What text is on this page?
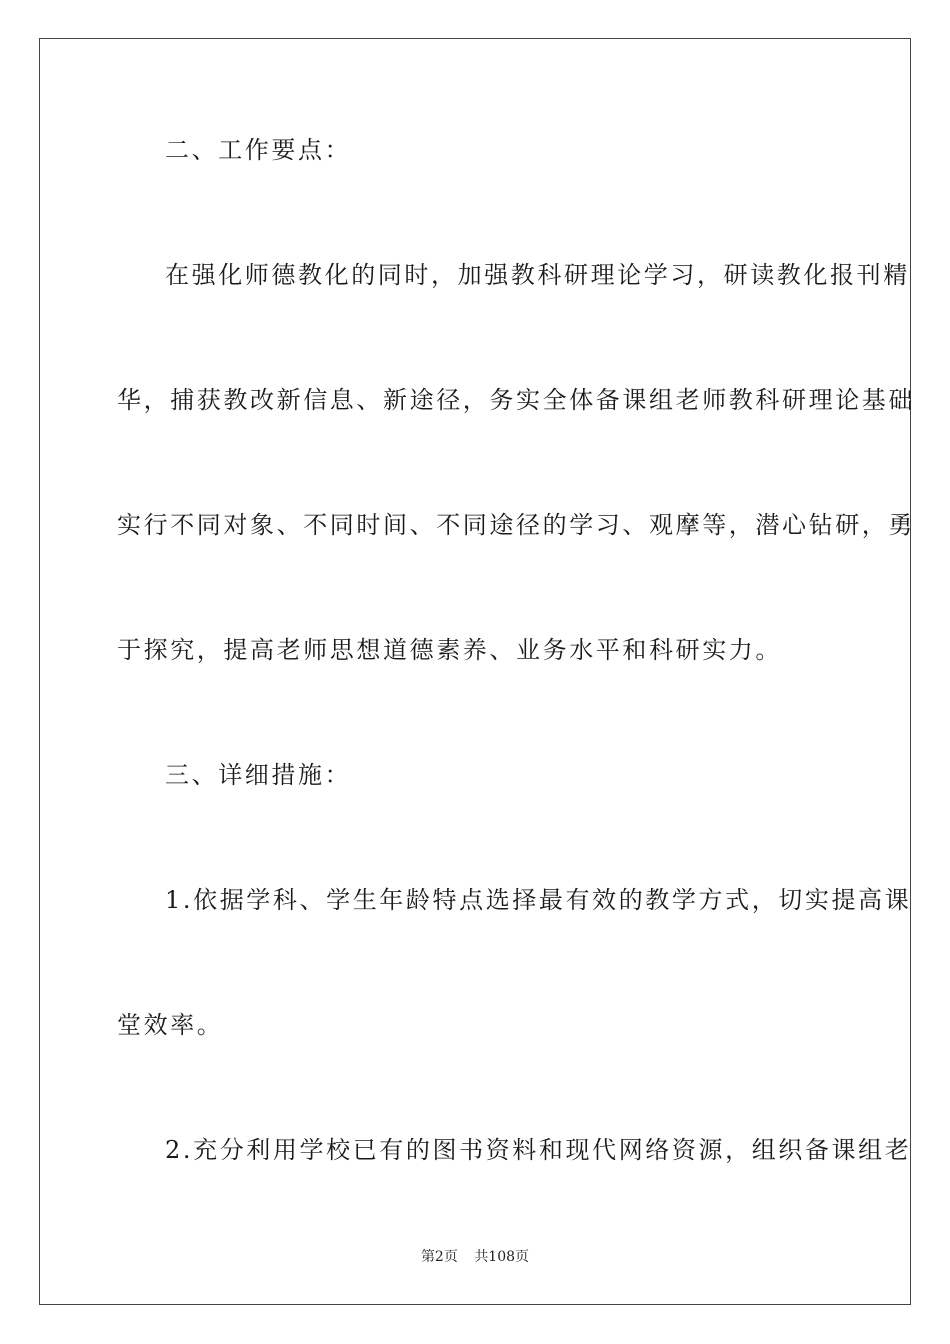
二、工作要点：
在强化师德教化的同时，加强教科研理论学习，研读教化报刊精
华，捕获教改新信息、新途径，务实全体备课组老师教科研理论基础
实行不同对象、不同时间、不同途径的学习、观摩等，潜心钻研，勇
于探究，提高老师思想道德素养、业务水平和科研实力。
三、详细措施：
1.依据学科、学生年龄特点选择最有效的教学方式，切实提高课
堂效率。
2.充分利用学校已有的图书资料和现代网络资源，组织备课组老
第2页 共108页
